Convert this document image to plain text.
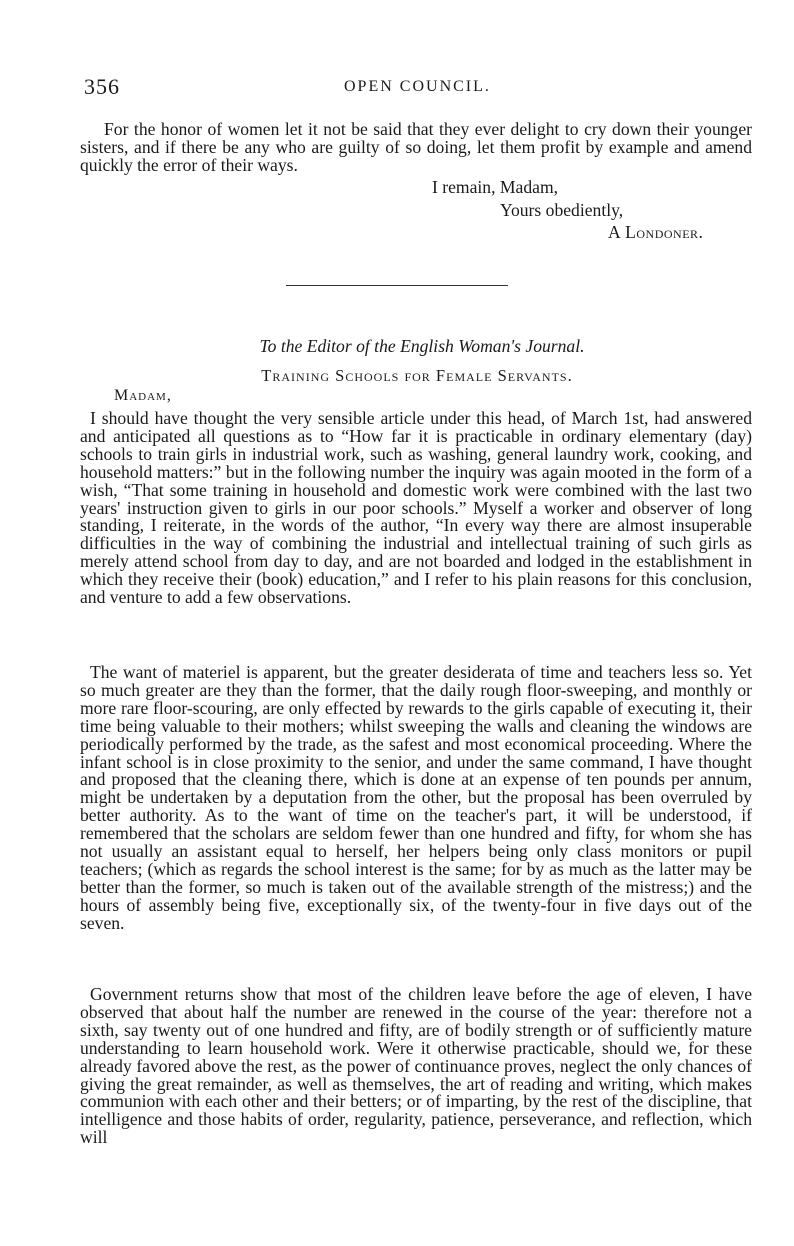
356	OPEN COUNCIL.

For the honor of women let it not be said that they ever delight to cry down their younger sisters, and if there be any who are guilty of so doing, let them profit by example and amend quickly the error of their ways.

I remain, Madam,
Yours obediently,
A Londoner.
To the Editor of the English Woman's Journal.
Training Schools for Female Servants.
Madam,

I should have thought the very sensible article under this head, of March 1st, had answered and anticipated all questions as to “How far it is practicable in ordinary elementary (day) schools to train girls in industrial work, such as washing, general laundry work, cooking, and household matters:” but in the following number the inquiry was again mooted in the form of a wish, “That some training in household and domestic work were combined with the last two years' instruction given to girls in our poor schools.” Myself a worker and observer of long standing, I reiterate, in the words of the author, “In every way there are almost insuperable difficulties in the way of combining the industrial and intellectual training of such girls as merely attend school from day to day, and are not boarded and lodged in the establishment in which they receive their (book) education,” and I refer to his plain reasons for this conclusion, and venture to add a few observations.

The want of materiel is apparent, but the greater desiderata of time and teachers less so. Yet so much greater are they than the former, that the daily rough floor-sweeping, and monthly or more rare floor-scouring, are only effected by rewards to the girls capable of executing it, their time being valuable to their mothers; whilst sweeping the walls and cleaning the windows are periodically performed by the trade, as the safest and most economical proceeding. Where the infant school is in close proximity to the senior, and under the same command, I have thought and proposed that the cleaning there, which is done at an expense of ten pounds per annum, might be undertaken by a deputation from the other, but the proposal has been overruled by better authority. As to the want of time on the teacher's part, it will be understood, if remembered that the scholars are seldom fewer than one hundred and fifty, for whom she has not usually an assistant equal to herself, her helpers being only class monitors or pupil teachers; (which as regards the school interest is the same; for by as much as the latter may be better than the former, so much is taken out of the available strength of the mistress;) and the hours of assembly being five, exceptionally six, of the twenty-four in five days out of the seven.

Government returns show that most of the children leave before the age of eleven, I have observed that about half the number are renewed in the course of the year: therefore not a sixth, say twenty out of one hundred and fifty, are of bodily strength or of sufficiently mature understanding to learn household work. Were it otherwise practicable, should we, for these already favored above the rest, as the power of continuance proves, neglect the only chances of giving the great remainder, as well as themselves, the art of reading and writing, which makes communion with each other and their betters; or of imparting, by the rest of the discipline, that intelligence and those habits of order, regularity, patience, perseverance, and reflection, which will
